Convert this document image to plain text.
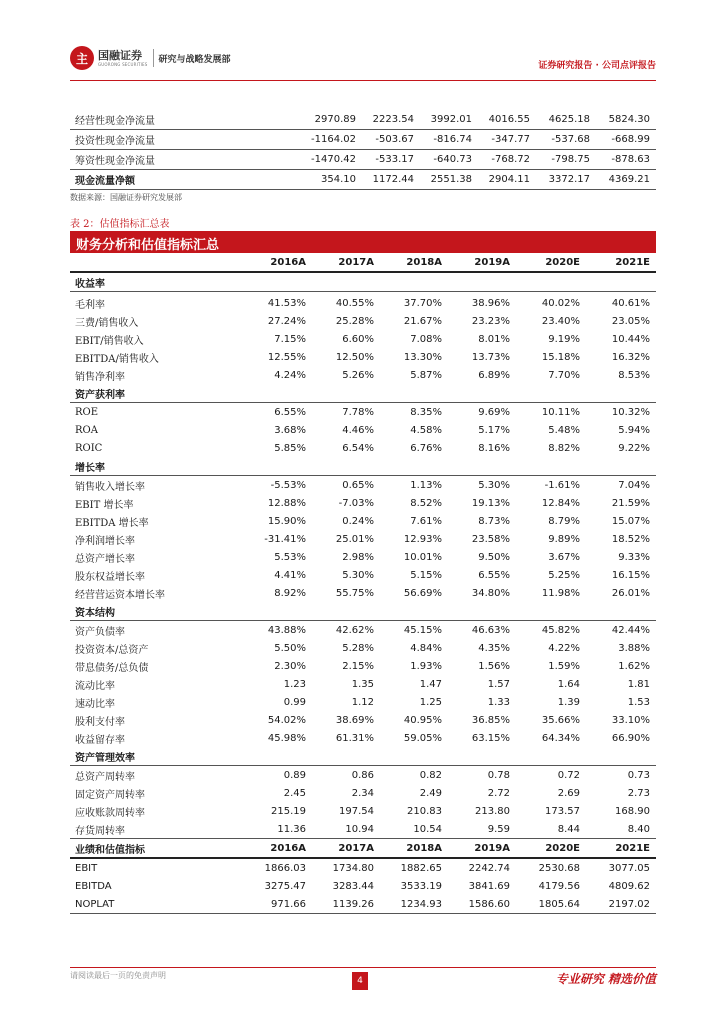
主 国融证券
GUORONG SECURITIES 研究与战略发展部
证券研究报告 · 公司点评报告
经营性现金净流量	2970.89	2223.54	3992.01	4016.55	4625.18	5824.30
投资性现金净流量	-1164.02	-503.67	-816.74	-347.77	-537.68	-668.99
筹资性现金净流量	-1470.42	-533.17	-640.73	-768.72	-798.75	-878.63
现金流量净额	354.10	1172.44	2551.38	2904.11	3372.17	4369.21
数据来源：国融证券研究发展部
表 2：估值指标汇总表
财务分析和估值指标汇总
	2016A	2017A	2018A	2019A	2020E	2021E
收益率						
毛利率	41.53%	40.55%	37.70%	38.96%	40.02%	40.61%
三费/销售收入	27.24%	25.28%	21.67%	23.23%	23.40%	23.05%
EBIT/销售收入	7.15%	6.60%	7.08%	8.01%	9.19%	10.44%
EBITDA/销售收入	12.55%	12.50%	13.30%	13.73%	15.18%	16.32%
销售净利率	4.24%	5.26%	5.87%	6.89%	7.70%	8.53%
资产获利率						
ROE	6.55%	7.78%	8.35%	9.69%	10.11%	10.32%
ROA	3.68%	4.46%	4.58%	5.17%	5.48%	5.94%
ROIC	5.85%	6.54%	6.76%	8.16%	8.82%	9.22%
增长率						
销售收入增长率	-5.53%	0.65%	1.13%	5.30%	-1.61%	7.04%
EBIT 增长率	12.88%	-7.03%	8.52%	19.13%	12.84%	21.59%
EBITDA 增长率	15.90%	0.24%	7.61%	8.73%	8.79%	15.07%
净利润增长率	-31.41%	25.01%	12.93%	23.58%	9.89%	18.52%
总资产增长率	5.53%	2.98%	10.01%	9.50%	3.67%	9.33%
股东权益增长率	4.41%	5.30%	5.15%	6.55%	5.25%	16.15%
经营营运资本增长率	8.92%	55.75%	56.69%	34.80%	11.98%	26.01%
资本结构						
资产负债率	43.88%	42.62%	45.15%	46.63%	45.82%	42.44%
投资资本/总资产	5.50%	5.28%	4.84%	4.35%	4.22%	3.88%
带息债务/总负债	2.30%	2.15%	1.93%	1.56%	1.59%	1.62%
流动比率	1.23	1.35	1.47	1.57	1.64	1.81
速动比率	0.99	1.12	1.25	1.33	1.39	1.53
股利支付率	54.02%	38.69%	40.95%	36.85%	35.66%	33.10%
收益留存率	45.98%	61.31%	59.05%	63.15%	64.34%	66.90%
资产管理效率						
总资产周转率	0.89	0.86	0.82	0.78	0.72	0.73
固定资产周转率	2.45	2.34	2.49	2.72	2.69	2.73
应收账款周转率	215.19	197.54	210.83	213.80	173.57	168.90
存货周转率	11.36	10.94	10.54	9.59	8.44	8.40
业绩和估值指标	2016A	2017A	2018A	2019A	2020E	2021E
EBIT	1866.03	1734.80	1882.65	2242.74	2530.68	3077.05
EBITDA	3275.47	3283.44	3533.19	3841.69	4179.56	4809.62
NOPLAT	971.66	1139.26	1234.93	1586.60	1805.64	2197.02
请阅读最后一页的免责声明
4	专业研究 精选价值
